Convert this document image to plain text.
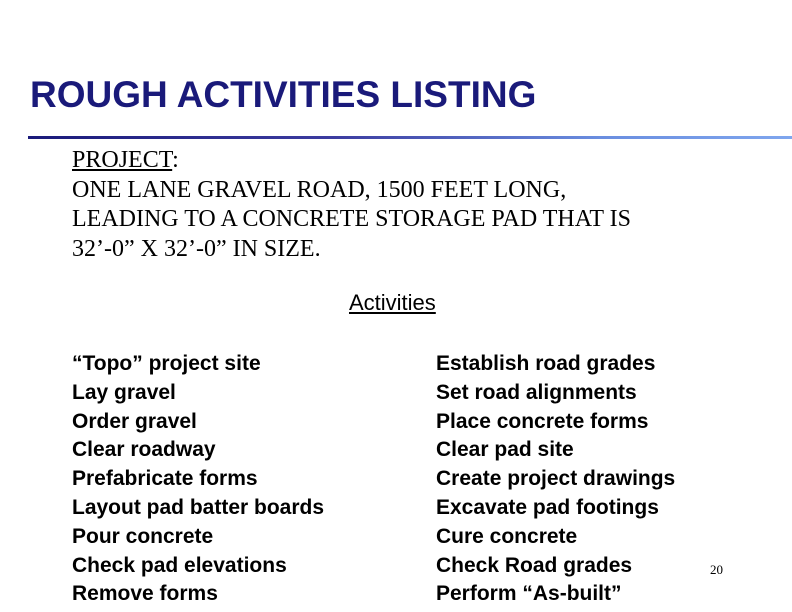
ROUGH ACTIVITIES LISTING
PROJECT:
ONE LANE GRAVEL ROAD, 1500 FEET LONG,
LEADING TO A CONCRETE STORAGE PAD THAT IS
32’-0” X 32’-0” IN SIZE.
Activities
“Topo” project site
Lay gravel
Order gravel
Clear roadway
Prefabricate forms
Layout pad batter boards
Pour concrete
Check pad elevations
Remove forms
Establish road grades
Set road alignments
Place concrete forms
Clear pad site
Create project drawings
Excavate pad footings
Cure concrete
Check Road grades
Perform “As-built”
20
